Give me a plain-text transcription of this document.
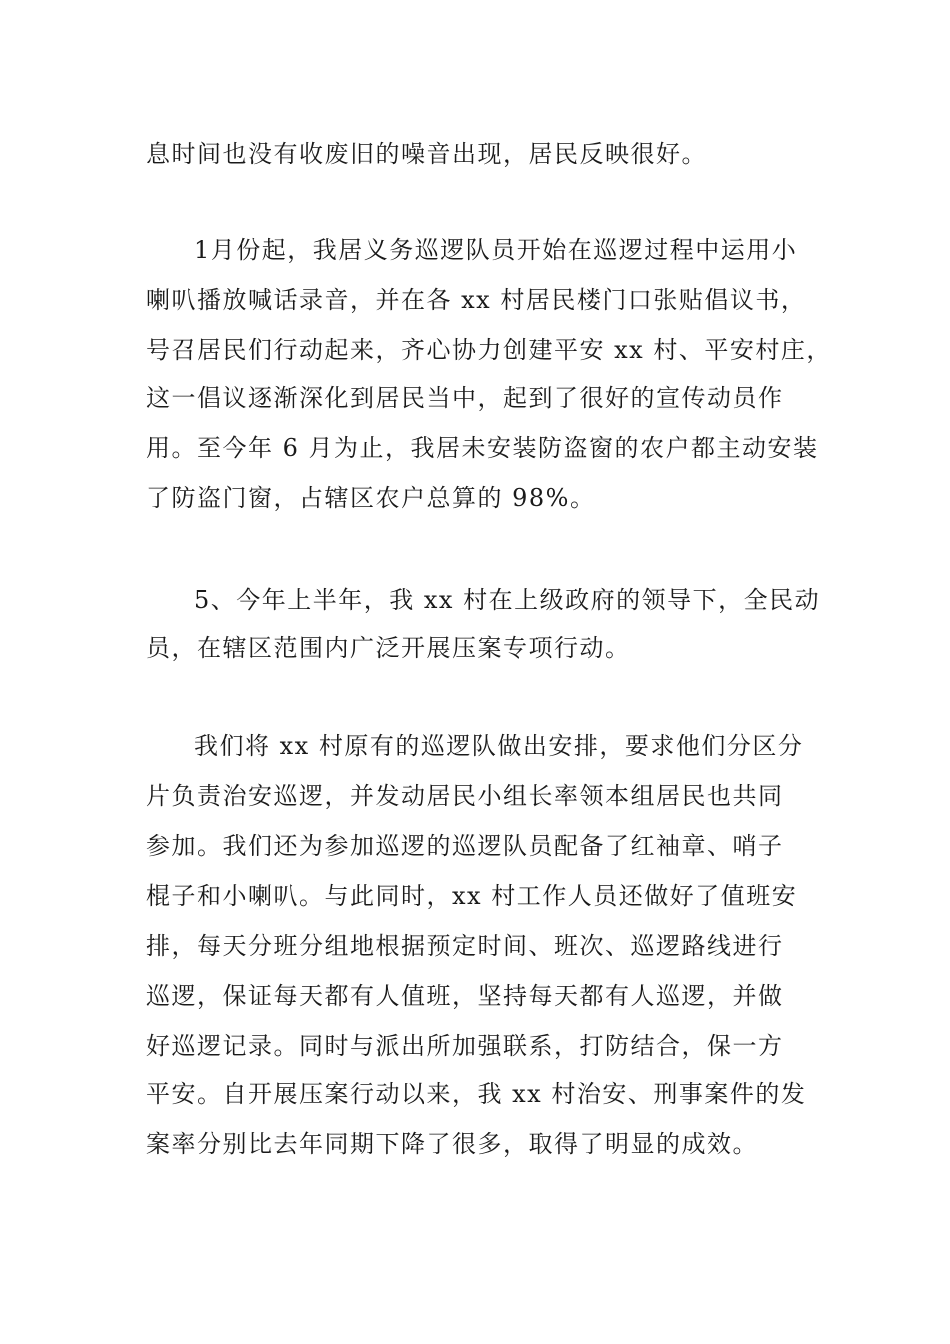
息时间也没有收废旧的噪音出现，居民反映很好。
1月份起，我居义务巡逻队员开始在巡逻过程中运用小
喇叭播放喊话录音，并在各 xx 村居民楼门口张贴倡议书，
号召居民们行动起来，齐心协力创建平安 xx 村、平安村庄，
这一倡议逐渐深化到居民当中，起到了很好的宣传动员作
用。至今年 6 月为止，我居未安装防盗窗的农户都主动安装
了防盗门窗，占辖区农户总算的 98%。
5、今年上半年，我 xx 村在上级政府的领导下，全民动
员，在辖区范围内广泛开展压案专项行动。
我们将 xx 村原有的巡逻队做出安排，要求他们分区分
片负责治安巡逻，并发动居民小组长率领本组居民也共同
参加。我们还为参加巡逻的巡逻队员配备了红袖章、哨子
棍子和小喇叭。与此同时，xx 村工作人员还做好了值班安
排，每天分班分组地根据预定时间、班次、巡逻路线进行
巡逻，保证每天都有人值班，坚持每天都有人巡逻，并做
好巡逻记录。同时与派出所加强联系，打防结合，保一方
平安。自开展压案行动以来，我 xx 村治安、刑事案件的发
案率分别比去年同期下降了很多，取得了明显的成效。
